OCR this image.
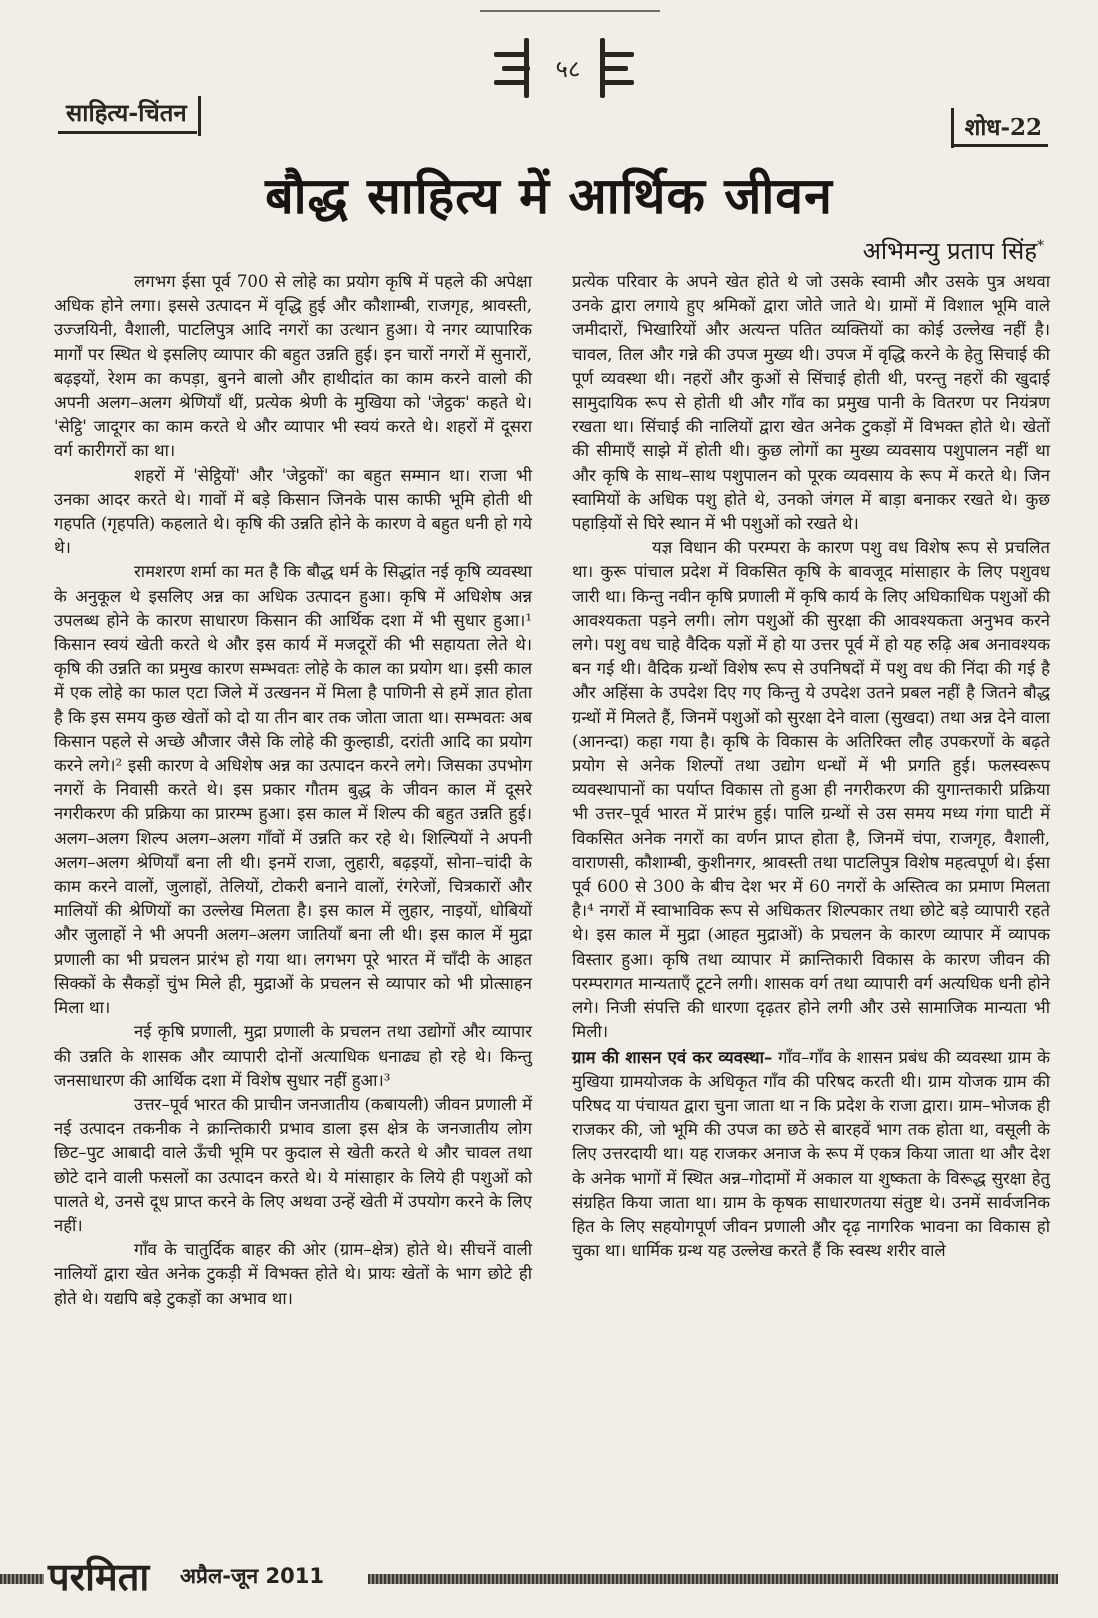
५८
साहित्य-चिंतन
शोध-22
बौद्ध साहित्य में आर्थिक जीवन
अभिमन्यु प्रताप सिंह*

लगभग ईसा पूर्व 700 से लोहे का प्रयोग कृषि में पहले की अपेक्षा अधिक होने लगा। इससे उत्पादन में वृद्धि हुई और कौशाम्बी, राजगृह, श्रावस्ती, उज्जयिनी, वैशाली, पाटलिपुत्र आदि नगरों का उत्थान हुआ। ये नगर व्यापारिक मार्गों पर स्थित थे इसलिए व्यापार की बहुत उन्नति हुई। इन चारों नगरों में सुनारों, बढ़इयों, रेशम का कपड़ा, बुनने बालो और हाथीदांत का काम करने वालो की अपनी अलग–अलग श्रेणियाँ थीं, प्रत्येक श्रेणी के मुखिया को 'जेट्ठक' कहते थे। 'सेट्ठि' जादूगर का काम करते थे और व्यापार भी स्वयं करते थे। शहरों में दूसरा वर्ग कारीगरों का था।

शहरों में 'सेट्ठियों' और 'जेट्ठकों' का बहुत सम्मान था। राजा भी उनका आदर करते थे। गावों में बड़े किसान जिनके पास काफी भूमि होती थी गहपति (गृहपति) कहलाते थे। कृषि की उन्नति होने के कारण वे बहुत धनी हो गये थे।

रामशरण शर्मा का मत है कि बौद्ध धर्म के सिद्धांत नई कृषि व्यवस्था के अनुकूल थे इसलिए अन्न का अधिक उत्पादन हुआ। कृषि में अधिशेष अन्न उपलब्ध होने के कारण साधारण किसान की आर्थिक दशा में भी सुधार हुआ।¹ किसान स्वयं खेती करते थे और इस कार्य में मजदूरों की भी सहायता लेते थे। कृषि की उन्नति का प्रमुख कारण सम्भवतः लोहे के काल का प्रयोग था। इसी काल में एक लोहे का फाल एटा जिले में उत्खनन में मिला है पाणिनी से हमें ज्ञात होता है कि इस समय कुछ खेतों को दो या तीन बार तक जोता जाता था। सम्भवतः अब किसान पहले से अच्छे औजार जैसे कि लोहे की कुल्हाडी, दरांती आदि का प्रयोग करने लगे।² इसी कारण वे अधिशेष अन्न का उत्पादन करने लगे। जिसका उपभोग नगरों के निवासी करते थे। इस प्रकार गौतम बुद्ध के जीवन काल में दूसरे नगरीकरण की प्रक्रिया का प्रारम्भ हुआ। इस काल में शिल्प की बहुत उन्नति हुई। अलग–अलग शिल्प अलग–अलग गाँवों में उन्नति कर रहे थे। शिल्पियों ने अपनी अलग–अलग श्रेणियाँ बना ली थी। इनमें राजा, लुहारी, बढ़इयों, सोना–चांदी के काम करने वालों, जुलाहों, तेलियों, टोकरी बनाने वालों, रंगरेजों, चित्रकारों और मालियों की श्रेणियों का उल्लेख मिलता है। इस काल में लुहार, नाइयों, धोबियों और जुलाहों ने भी अपनी अलग–अलग जातियाँ बना ली थी। इस काल में मुद्रा प्रणाली का भी प्रचलन प्रारंभ हो गया था। लगभग पूरे भारत में चाँदी के आहत सिक्कों के सैकड़ों चुंभ मिले ही, मुद्राओं के प्रचलन से व्यापार को भी प्रोत्साहन मिला था।

नई कृषि प्रणाली, मुद्रा प्रणाली के प्रचलन तथा उद्योगों और व्यापार की उन्नति के शासक और व्यापारी दोनों अत्याधिक धनाढ्य हो रहे थे। किन्तु जनसाधारण की आर्थिक दशा में विशेष सुधार नहीं हुआ।³

उत्तर–पूर्व भारत की प्राचीन जनजातीय (कबायली) जीवन प्रणाली में नई उत्पादन तकनीक ने क्रान्तिकारी प्रभाव डाला इस क्षेत्र के जनजातीय लोग छिट–पुट आबादी वाले ऊँची भूमि पर कुदाल से खेती करते थे और चावल तथा छोटे दाने वाली फसलों का उत्पादन करते थे। ये मांसाहार के लिये ही पशुओं को पालते थे, उनसे दूध प्राप्त करने के लिए अथवा उन्हें खेती में उपयोग करने के लिए नहीं।

गाँव के चातुर्दिक बाहर की ओर (ग्राम–क्षेत्र) होते थे। सीचनें वाली नालियों द्वारा खेत अनेक टुकड़ी में विभक्त होते थे। प्रायः खेतों के भाग छोटे ही होते थे। यद्यपि बड़े टुकड़ों का अभाव था।

प्रत्येक परिवार के अपने खेत होते थे जो उसके स्वामी और उसके पुत्र अथवा उनके द्वारा लगाये हुए श्रमिकों द्वारा जोते जाते थे। ग्रामों में विशाल भूमि वाले जमीदारों, भिखारियों और अत्यन्त पतित व्यक्तियों का कोई उल्लेख नहीं है। चावल, तिल और गन्ने की उपज मुख्य थी। उपज में वृद्धि करने के हेतु सिचाई की पूर्ण व्यवस्था थी। नहरों और कुओं से सिंचाई होती थी, परन्तु नहरों की खुदाई सामुदायिक रूप से होती थी और गाँव का प्रमुख पानी के वितरण पर नियंत्रण रखता था। सिंचाई की नालियों द्वारा खेत अनेक टुकड़ों में विभक्त होते थे। खेतों की सीमाएँ साझे में होती थी। कुछ लोगों का मुख्य व्यवसाय पशुपालन नहीं था और कृषि के साथ–साथ पशुपालन को पूरक व्यवसाय के रूप में करते थे। जिन स्वामियों के अधिक पशु होते थे, उनको जंगल में बाड़ा बनाकर रखते थे। कुछ पहाड़ियों से घिरे स्थान में भी पशुओं को रखते थे।

यज्ञ विधान की परम्परा के कारण पशु वध विशेष रूप से प्रचलित था। कुरू पांचाल प्रदेश में विकसित कृषि के बावजूद मांसाहार के लिए पशुवध जारी था। किन्तु नवीन कृषि प्रणाली में कृषि कार्य के लिए अधिकाधिक पशुओं की आवश्यकता पड़ने लगी। लोग पशुओं की सुरक्षा की आवश्यकता अनुभव करने लगे। पशु वध चाहे वैदिक यज्ञों में हो या उत्तर पूर्व में हो यह रुढ़ि अब अनावश्यक बन गई थी। वैदिक ग्रन्थों विशेष रूप से उपनिषदों में पशु वध की निंदा की गई है और अहिंसा के उपदेश दिए गए किन्तु ये उपदेश उतने प्रबल नहीं है जितने बौद्ध ग्रन्थों में मिलते हैं, जिनमें पशुओं को सुरक्षा देने वाला (सुखदा) तथा अन्न देने वाला (आनन्दा) कहा गया है। कृषि के विकास के अतिरिक्त लौह उपकरणों के बढ़ते प्रयोग से अनेक शिल्पों तथा उद्योग धन्धों में भी प्रगति हुई। फलस्वरूप व्यवस्थापानों का पर्याप्त विकास तो हुआ ही नगरीकरण की युगान्तकारी प्रक्रिया भी उत्तर–पूर्व भारत में प्रारंभ हुई। पालि ग्रन्थों से उस समय मध्य गंगा घाटी में विकसित अनेक नगरों का वर्णन प्राप्त होता है, जिनमें चंपा, राजगृह, वैशाली, वाराणसी, कौशाम्बी, कुशीनगर, श्रावस्ती तथा पाटलिपुत्र विशेष महत्वपूर्ण थे। ईसा पूर्व 600 से 300 के बीच देश भर में 60 नगरों के अस्तित्व का प्रमाण मिलता है।⁴ नगरों में स्वाभाविक रूप से अधिकतर शिल्पकार तथा छोटे बड़े व्यापारी रहते थे। इस काल में मुद्रा (आहत मुद्राओं) के प्रचलन के कारण व्यापार में व्यापक विस्तार हुआ। कृषि तथा व्यापार में क्रान्तिकारी विकास के कारण जीवन की परम्परागत मान्यताएँ टूटने लगी। शासक वर्ग तथा व्यापारी वर्ग अत्यधिक धनी होने लगे। निजी संपत्ति की धारणा दृढ़तर होने लगी और उसे सामाजिक मान्यता भी मिली।

ग्राम की शासन एवं कर व्यवस्था– गाँव–गाँव के शासन प्रबंध की व्यवस्था ग्राम के मुखिया ग्रामयोजक के अधिकृत गाँव की परिषद करती थी। ग्राम योजक ग्राम की परिषद या पंचायत द्वारा चुना जाता था न कि प्रदेश के राजा द्वारा। ग्राम–भोजक ही राजकर की, जो भूमि की उपज का छठे से बारहवें भाग तक होता था, वसूली के लिए उत्तरदायी था। यह राजकर अनाज के रूप में एकत्र किया जाता था और देश के अनेक भागों में स्थित अन्न–गोदामों में अकाल या शुष्कता के विरूद्ध सुरक्षा हेतु संग्रहित किया जाता था। ग्राम के कृषक साधारणतया संतुष्ट थे। उनमें सार्वजनिक हित के लिए सहयोगपूर्ण जीवन प्रणाली और दृढ़ नागरिक भावना का विकास हो चुका था। धार्मिक ग्रन्थ यह उल्लेख करते हैं कि स्वस्थ शरीर वाले

परमिता अप्रैल-जून 2011
